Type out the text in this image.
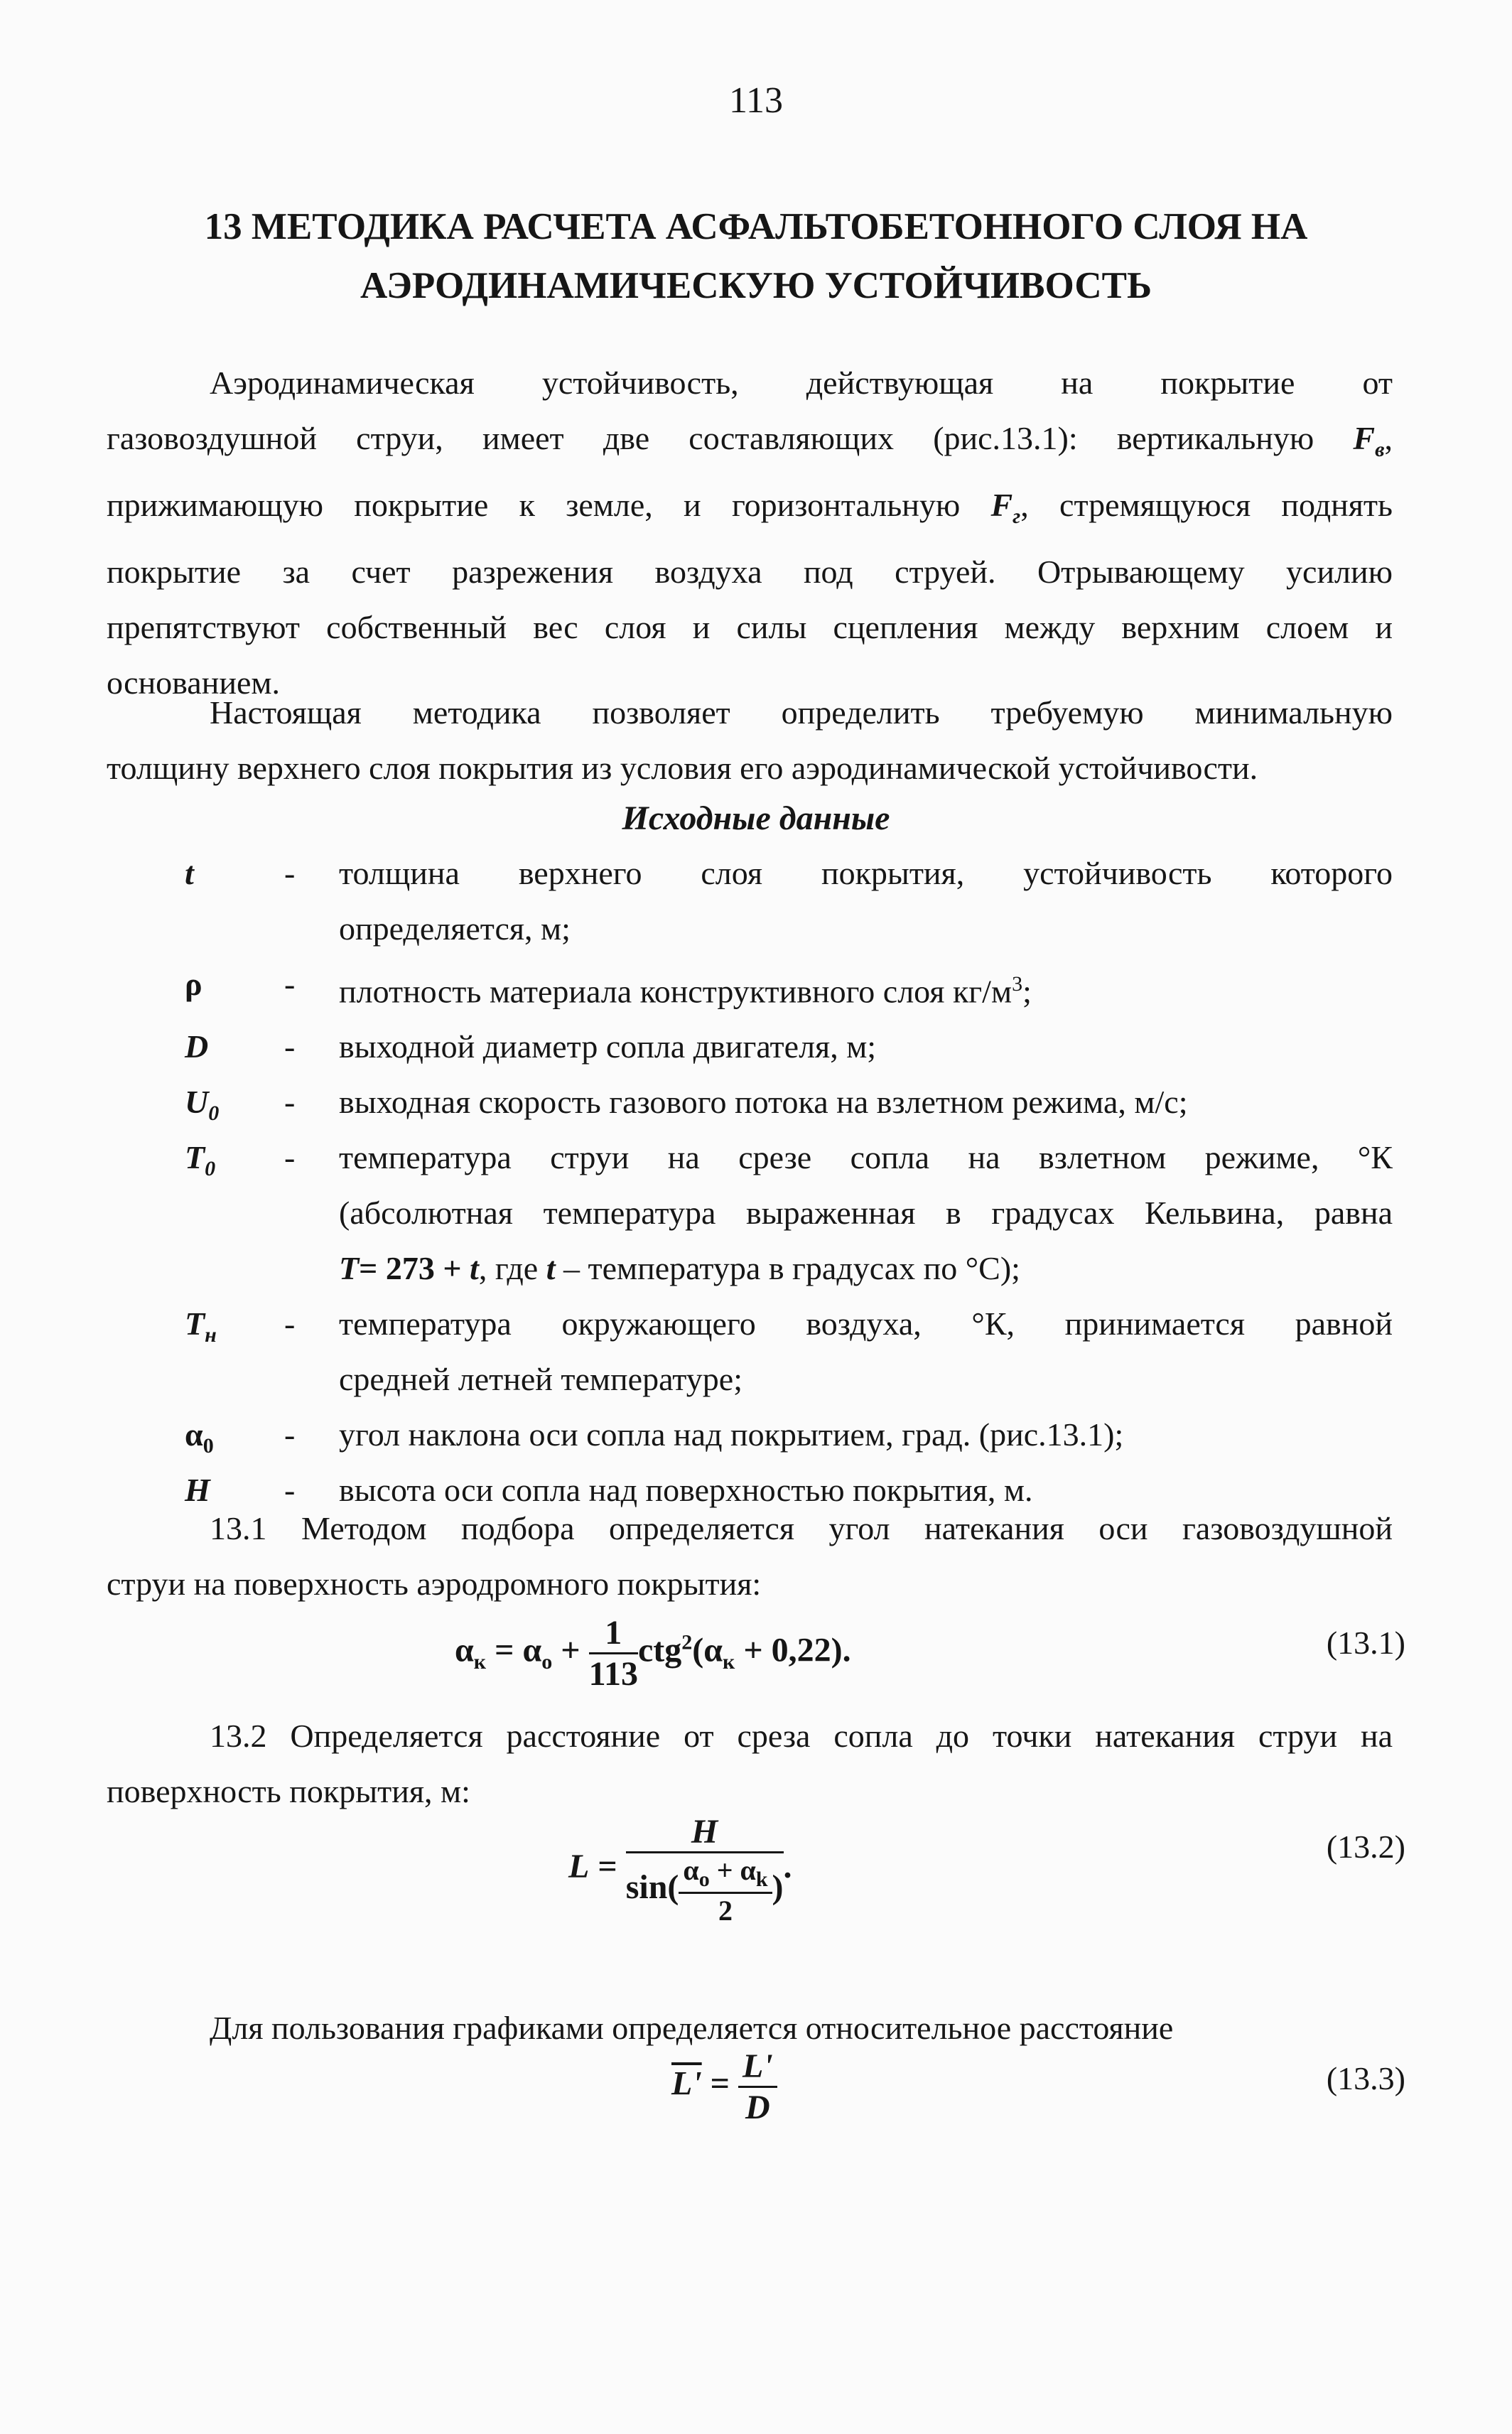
113
13 МЕТОДИКА РАСЧЕТА АСФАЛЬТОБЕТОННОГО СЛОЯ НА
АЭРОДИНАМИЧЕСКУЮ УСТОЙЧИВОСТЬ
Аэродинамическая устойчивость, действующая на покрытие от
газовоздушной струи, имеет две составляющих (рис.13.1): вертикальную $F_в$,
прижимающую покрытие к земле, и горизонтальную $F_г$, стремящуюся поднять
покрытие за счет разрежения воздуха под струей. Отрывающему усилию
препятствуют собственный вес слоя и силы сцепления между верхним слоем и
основанием.
Настоящая методика позволяет определить требуемую минимальную
толщину верхнего слоя покрытия из условия его аэродинамической устойчивости.
Исходные данные
t	- толщина верхнего слоя покрытия, устойчивость которого
определяется, м;
ρ	- плотность материала конструктивного слоя $кг/м^3$;
D - выходной диаметр сопла двигателя, м;
$U_0$ - выходная скорость газового потока на взлетном режима, м/с;
$T_0$ - температура струи на срезе сопла на взлетном режиме, °К
(абсолютная температура выраженная в градусах Кельвина, равна
T= 273 + t, где t – температура в градусах по °С);
$T_н$ - температура окружающего воздуха, °К, принимается равной
средней летней температуре;
$\alpha_0$ - угол наклона оси сопла над покрытием, град. (рис.13.1);
H - высота оси сопла над поверхностью покрытия, м.
13.1 Методом подбора определяется угол натекания оси газовоздушной
струи на поверхность аэродромного покрытия:
$\alpha_к = \alpha_о + \frac{1}{113} ctg^2(\alpha_к + 0,22)$.	(13.1)
13.2 Определяется расстояние от среза сопла до точки натекания струи на
поверхность покрытия, м:
$L = \frac{H}{\sin( \frac{\alpha_о + \alpha_k}{2} )}$ .
(13.2)
Для пользования графиками определяется относительное расстояние
$L' = \frac{L'}{D}$	(13.3)
